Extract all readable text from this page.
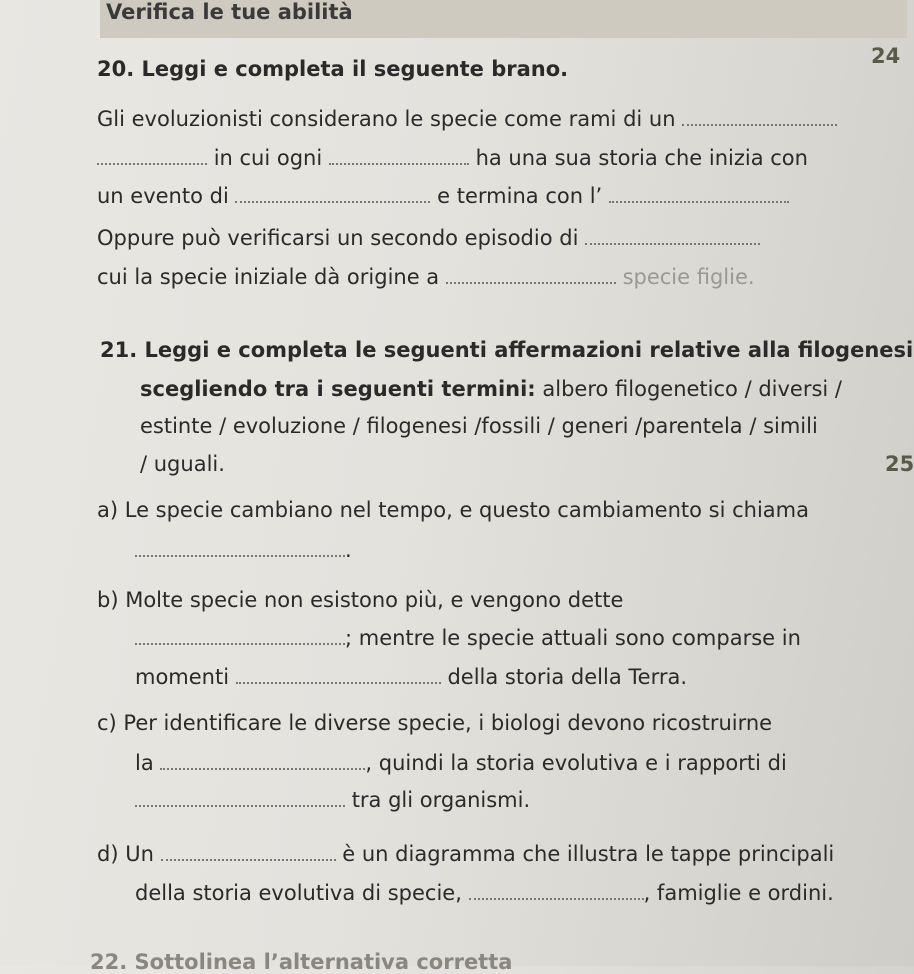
Verifica le tue abilità
24
20. Leggi e completa il seguente brano.
Gli evoluzionisti considerano le specie come rami di un
in cui ogni	ha una sua storia che inizia con
un evento di	e termina con l’
Oppure può verificarsi un secondo episodio di
cui la specie iniziale dà origine a	specie figlie.
21. Leggi e completa le seguenti affermazioni relative alla filogenesi
scegliendo tra i seguenti termini: albero filogenetico / diversi /
estinte / evoluzione / filogenesi /fossili / generi /parentela / simili
/ uguali.	25
a) Le specie cambiano nel tempo, e questo cambiamento si chiama
.
b) Molte specie non esistono più, e vengono dette
; mentre le specie attuali sono comparse in
momenti	della storia della Terra.
c) Per identificare le diverse specie, i biologi devono ricostruirne
la	, quindi la storia evolutiva e i rapporti di
tra gli organismi.
d) Un	è un diagramma che illustra le tappe principali
della storia evolutiva di specie,	, famiglie e ordini.
22. Sottolinea l’alternativa corretta
